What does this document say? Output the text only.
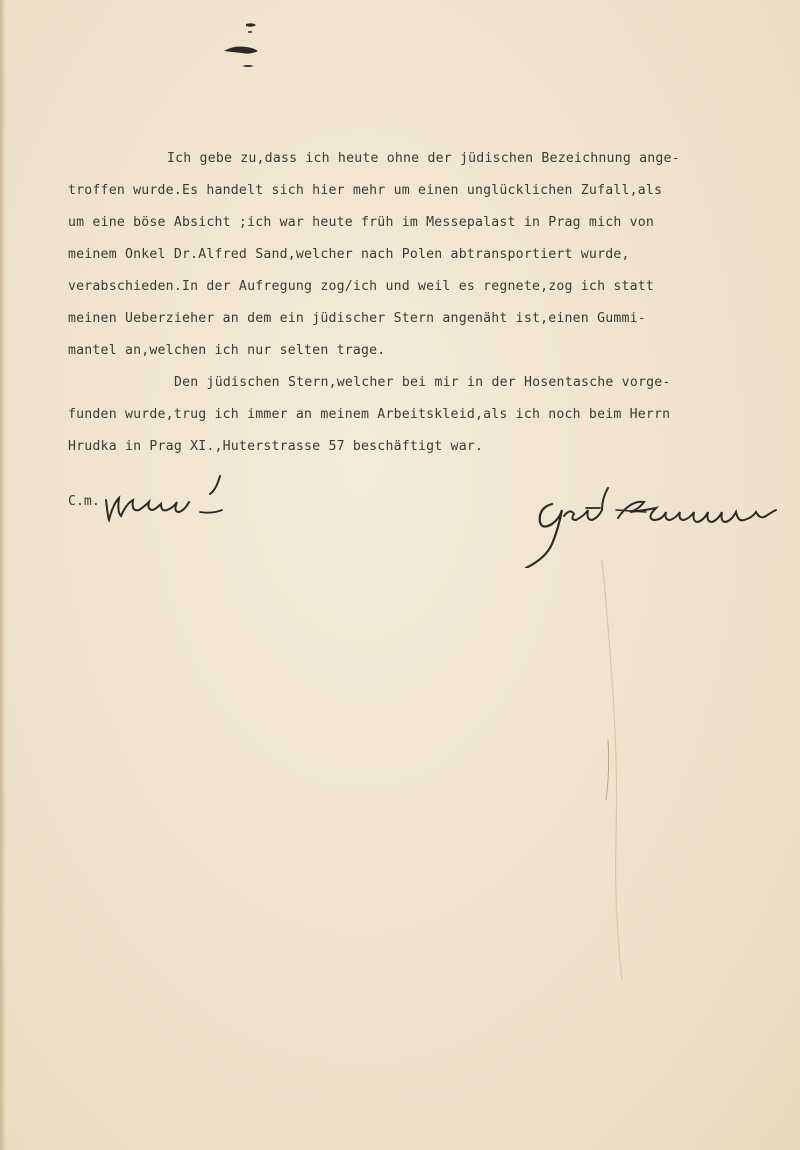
Ich gebe zu,dass ich heute ohne der jüdischen Bezeichnung ange-
troffen wurde.Es handelt sich hier mehr um einen unglücklichen Zufall,als
um eine böse Absicht ;ich war heute früh im Messepalast in Prag mich von
meinem Onkel Dr.Alfred Sand,welcher nach Polen abtransportiert wurde,
verabschieden.In der Aufregung zog/ich und weil es regnete,zog ich statt
meinen Ueberzieher an dem ein jüdischer Stern angenäht ist,einen Gummi-
mantel an,welchen ich nur selten trage.
Den jüdischen Stern,welcher bei mir in der Hosentasche vorge-
funden wurde,trug ich immer an meinem Arbeitskleid,als ich noch beim Herrn
Hrudka in Prag XI.,Huterstrasse 57 beschäftigt war.
C.m.
